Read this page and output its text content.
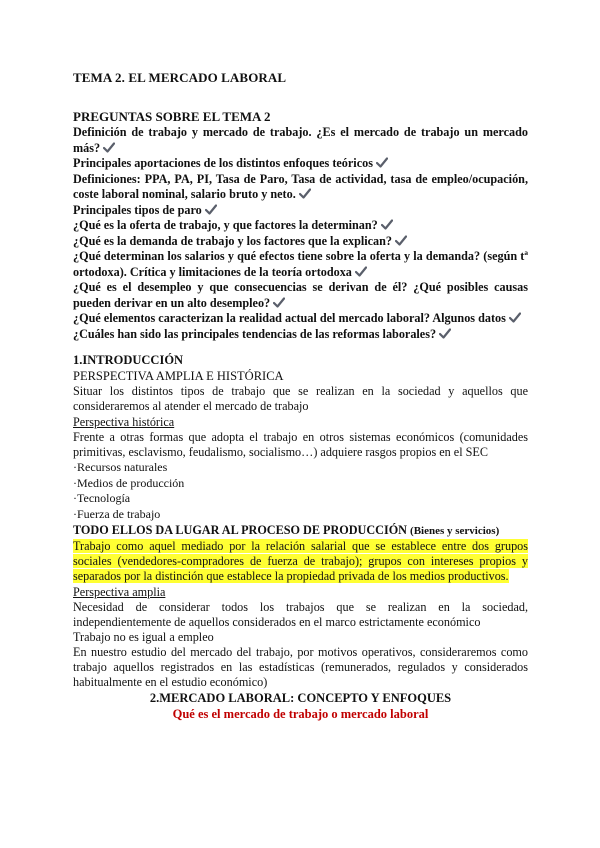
TEMA 2. EL MERCADO LABORAL

PREGUNTAS SOBRE EL TEMA 2

Definición de trabajo y mercado de trabajo. ¿Es el mercado de trabajo un mercado más?

Principales aportaciones de los distintos enfoques teóricos

Definiciones: PPA, PA, PI, Tasa de Paro, Tasa de actividad, tasa de empleo/ocupación, coste laboral nominal, salario bruto y neto.

Principales tipos de paro

¿Qué es la oferta de trabajo, y que factores la determinan?

¿Qué es la demanda de trabajo y los factores que la explican?

¿Qué determinan los salarios y qué efectos tiene sobre la oferta y la demanda? (según tª ortodoxa). Crítica y limitaciones de la teoría ortodoxa

¿Qué es el desempleo y que consecuencias se derivan de él? ¿Qué posibles causas pueden derivar en un alto desempleo?

¿Qué elementos caracterizan la realidad actual del mercado laboral? Algunos datos

¿Cuáles han sido las principales tendencias de las reformas laborales?

1.INTRODUCCIÓN

PERSPECTIVA AMPLIA E HISTÓRICA

Situar los distintos tipos de trabajo que se realizan en la sociedad y aquellos que consideraremos al atender el mercado de trabajo

Perspectiva histórica

Frente a otras formas que adopta el trabajo en otros sistemas económicos (comunidades primitivas, esclavismo, feudalismo, socialismo…) adquiere rasgos propios en el SEC

·Recursos naturales

·Medios de producción

·Tecnología

·Fuerza de trabajo

TODO ELLOS DA LUGAR AL PROCESO DE PRODUCCIÓN (Bienes y servicios)

Trabajo como aquel mediado por la relación salarial que se establece entre dos grupos sociales (vendedores-compradores de fuerza de trabajo); grupos con intereses propios y separados por la distinción que establece la propiedad privada de los medios productivos.

Perspectiva amplia

Necesidad de considerar todos los trabajos que se realizan en la sociedad, independientemente de aquellos considerados en el marco estrictamente económico

Trabajo no es igual a empleo

En nuestro estudio del mercado del trabajo, por motivos operativos, consideraremos como trabajo aquellos registrados en las estadísticas (remunerados, regulados y considerados habitualmente en el estudio económico)

2.MERCADO LABORAL: CONCEPTO Y ENFOQUES

Qué es el mercado de trabajo o mercado laboral
